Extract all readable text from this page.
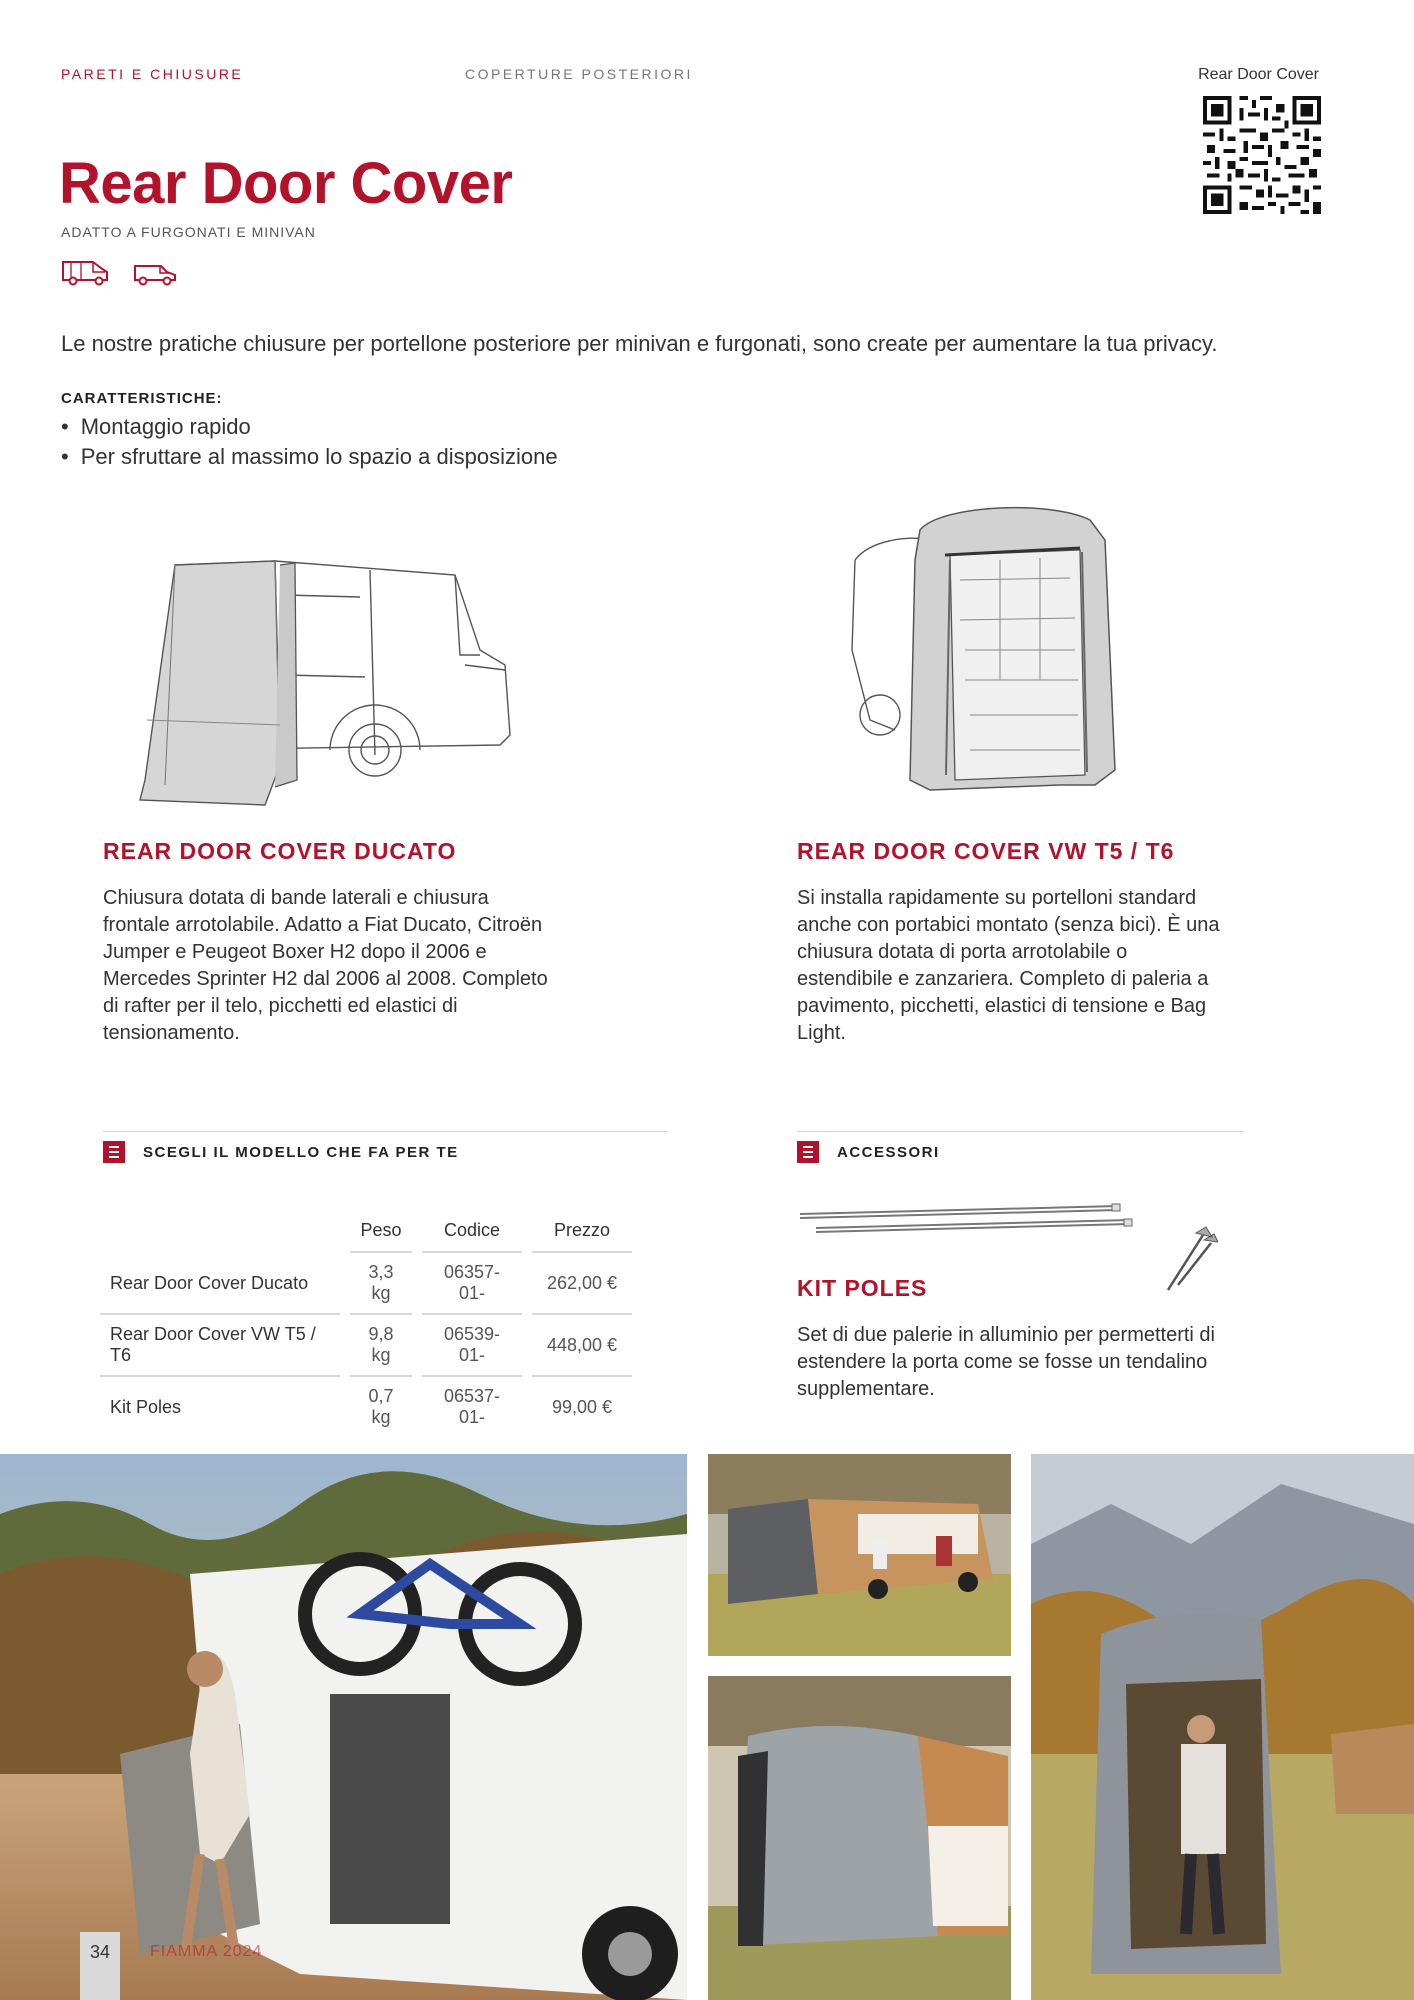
PARETI E CHIUSURE	COPERTURE POSTERIORI	Rear Door Cover
Rear Door Cover
ADATTO A FURGONATI E MINIVAN

Le nostre pratiche chiusure per portellone posteriore per minivan e furgonati, sono create per aumentare la tua privacy.

CARATTERISTICHE:
• Montaggio rapido
• Per sfruttare al massimo lo spazio a disposizione
REAR DOOR COVER DUCATO

Chiusura dotata di bande laterali e chiusura frontale arrotolabile. Adatto a Fiat Ducato, Citroën Jumper e Peugeot Boxer H2 dopo il 2006 e Mercedes Sprinter H2 dal 2006 al 2008. Completo di rafter per il telo, picchetti ed elastici di tensionamento.

REAR DOOR COVER VW T5 / T6

Si installa rapidamente su portelloni standard anche con portabici montato (senza bici). È una chiusura dotata di porta arrotolabile o estendibile e zanzariera. Completo di paleria a pavimento, picchetti, elastici di tensione e Bag Light.

SCEGLI IL MODELLO CHE FA PER TE
	Peso	Codice	Prezzo
Rear Door Cover Ducato	3,3 kg	06357-01-	262,00 €
Rear Door Cover VW T5 / T6	9,8 kg	06539-01-	448,00 €
Kit Poles	0,7 kg	06537-01-	99,00 €
ACCESSORI
KIT POLES

Set di due palerie in alluminio per permetterti di estendere la porta come se fosse un tendalino supplementare.

34	FIAMMA 2024
